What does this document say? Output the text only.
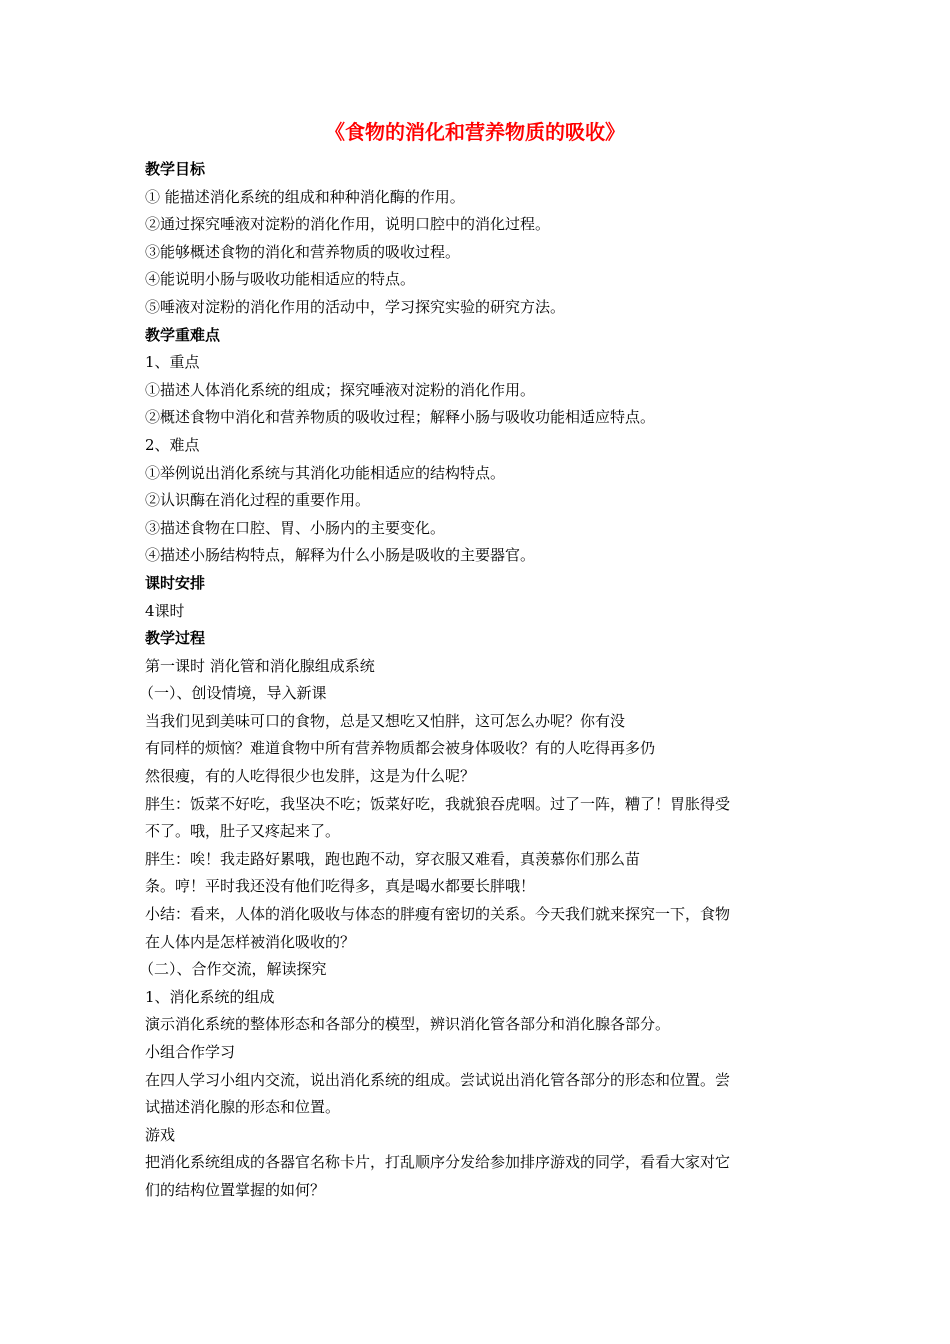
《食物的消化和营养物质的吸收》
教学目标
① 能描述消化系统的组成和种种消化酶的作用。
②通过探究唾液对淀粉的消化作用，说明口腔中的消化过程。
③能够概述食物的消化和营养物质的吸收过程。
④能说明小肠与吸收功能相适应的特点。
⑤唾液对淀粉的消化作用的活动中，学习探究实验的研究方法。
教学重难点
1、重点
①描述人体消化系统的组成；探究唾液对淀粉的消化作用。
②概述食物中消化和营养物质的吸收过程；解释小肠与吸收功能相适应特点。
2、难点
①举例说出消化系统与其消化功能相适应的结构特点。
②认识酶在消化过程的重要作用。
③描述食物在口腔、胃、小肠内的主要变化。
④描述小肠结构特点，解释为什么小肠是吸收的主要器官。
课时安排
4课时
教学过程
第一课时 消化管和消化腺组成系统
（一）、创设情境，导入新课
当我们见到美味可口的食物，总是又想吃又怕胖，这可怎么办呢？你有没
有同样的烦恼？难道食物中所有营养物质都会被身体吸收？有的人吃得再多仍
然很瘦，有的人吃得很少也发胖，这是为什么呢？
胖生：饭菜不好吃，我坚决不吃；饭菜好吃，我就狼吞虎咽。过了一阵，糟了！胃胀得受
不了。哦，肚子又疼起来了。
胖生：唉！我走路好累哦，跑也跑不动，穿衣服又难看，真羡慕你们那么苗
条。哼！平时我还没有他们吃得多，真是喝水都要长胖哦！
小结：看来，人体的消化吸收与体态的胖瘦有密切的关系。今天我们就来探究一下，食物
在人体内是怎样被消化吸收的？
（二）、合作交流，解读探究
1、消化系统的组成
演示消化系统的整体形态和各部分的模型，辨识消化管各部分和消化腺各部分。
小组合作学习
在四人学习小组内交流，说出消化系统的组成。尝试说出消化管各部分的形态和位置。尝
试描述消化腺的形态和位置。
游戏
把消化系统组成的各器官名称卡片，打乱顺序分发给参加排序游戏的同学，看看大家对它
们的结构位置掌握的如何？
